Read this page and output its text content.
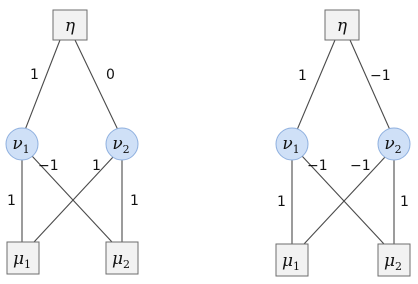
η
$\nu_1$	$\nu_2$
$\mu_1$	$\mu_2$
1	0
1
−1 1
1
η
$\nu_1$	$\nu_2$
$\mu_1$	$\mu_2$
1	−1
1
−1 −1
1
